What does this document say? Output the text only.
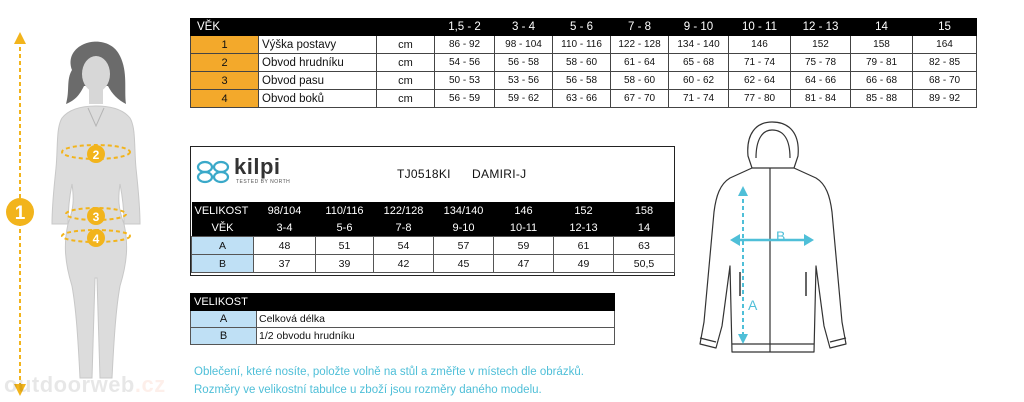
1
2
3
4
VĚK			1,5 - 2	3 - 4	5 - 6	7 - 8	9 - 10	10 - 11	12 - 13	14	15
1	Výška postavy	cm	86 - 92	98 - 104	110 - 116	122 - 128	134 - 140	146	152	158	164
2	Obvod hrudníku	cm	54 - 56	56 - 58	58 - 60	61 - 64	65 - 68	71 - 74	75 - 78	79 - 81	82 - 85
3	Obvod pasu	cm	50 - 53	53 - 56	56 - 58	58 - 60	60 - 62	62 - 64	64 - 66	66 - 68	68 - 70
4	Obvod boků	cm	56 - 59	59 - 62	63 - 66	67 - 70	71 - 74	77 - 80	81 - 84	85 - 88	89 - 92
kilpi
TESTED BY NORTH
TJ0518KI DAMIRI-J
VELIKOST	98/104	110/116	122/128	134/140	146	152	158
VĚK	3-4	5-6	7-8	9-10	10-11	12-13	14
A	48	51	54	57	59	61	63
B	37	39	42	45	47	49	50,5
VELIKOST	
A	Celková délka
B	1/2 obvodu hrudníku
A
B
outdoorweb.cz Oblečení, které nosíte, položte volně na stůl a změřte v místech dle obrázků.
Rozměry ve velikostní tabulce u zboží jsou rozměry daného modelu.
